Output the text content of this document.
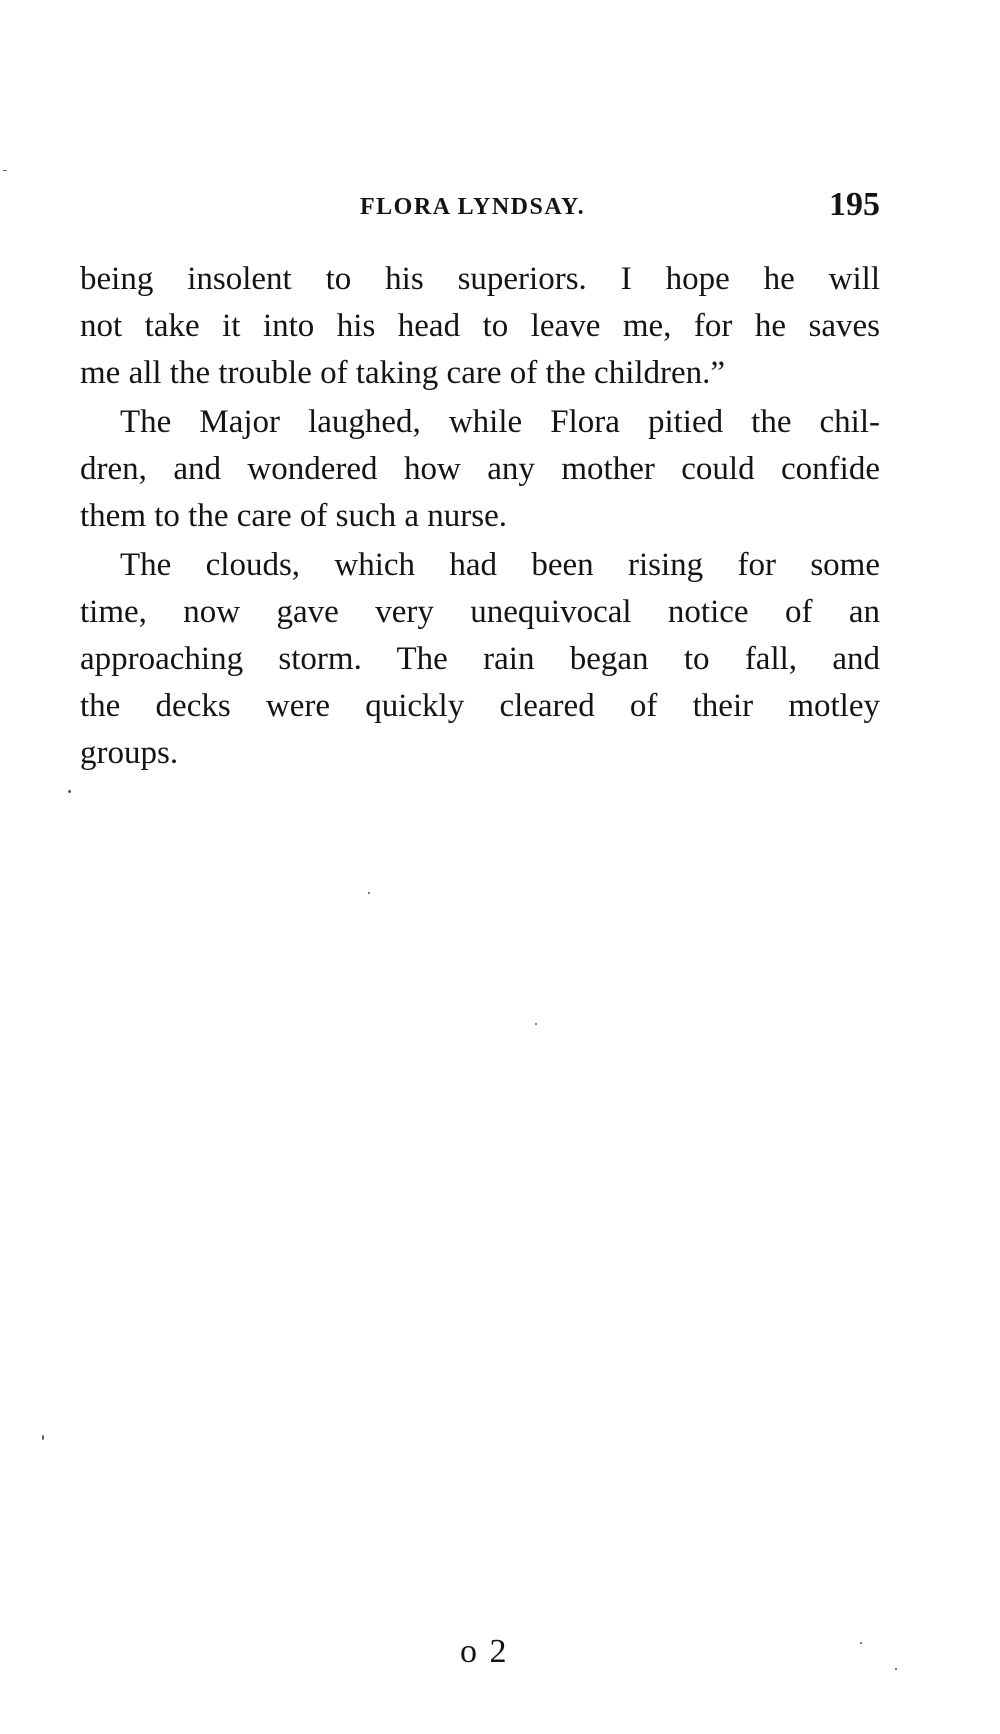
FLORA LYNDSAY.	195
being insolent to his superiors. I hope he will
not take it into his head to leave me, for he saves
me all the trouble of taking care of the children.”
The Major laughed, while Flora pitied the chil-
dren, and wondered how any mother could confide
them to the care of such a nurse.
The clouds, which had been rising for some
time, now gave very unequivocal notice of an
approaching storm. The rain began to fall, and
the decks were quickly cleared of their motley
groups.
o 2
